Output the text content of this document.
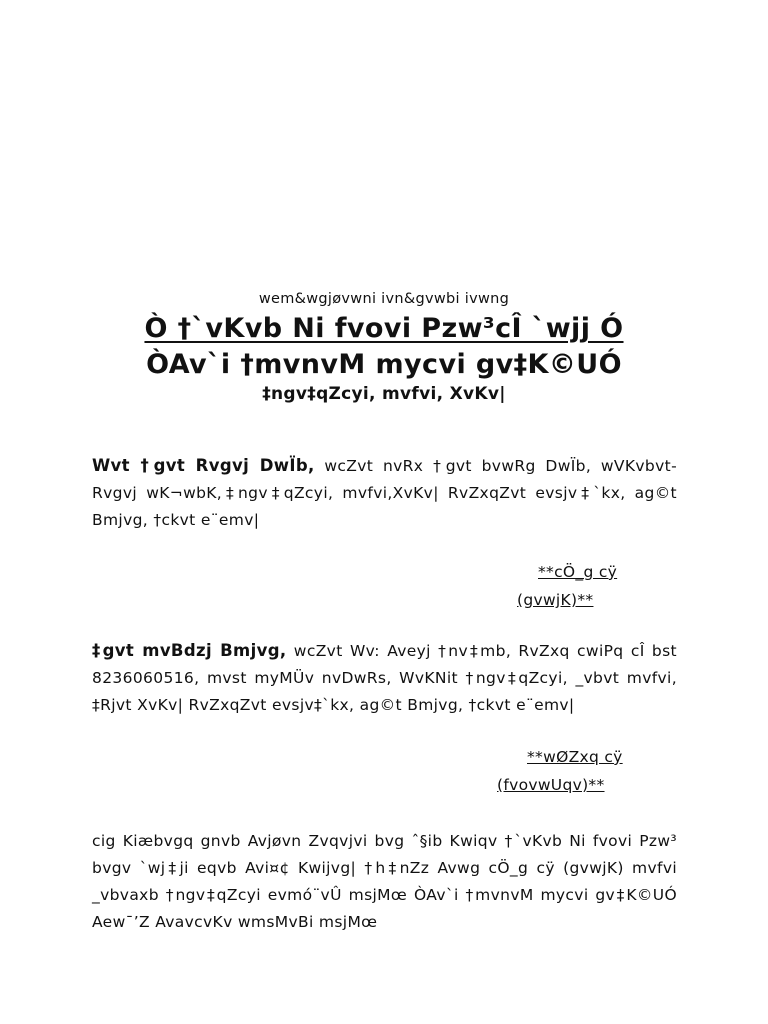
wem&wgjøvwni ivn&gvwbi ivwng
Ò †`vKvb Ni fvovi Pzw³cÎ `wjj Ó
ÒAv`i †mvnvM mycvi gv‡K©UÓ
‡ngv‡qZcyi, mvfvi, XvKv|
Wvt †gvt Rvgvj DwÏb, wcZvt nvRx †gvt bvwRg DwÏb, wVKvbvt- Rvgvj wK¬wbK,‡ngv‡qZcyi, mvfvi,XvKv| RvZxqZvt evsjv‡`kx, ag©t Bmjvg, †ckvt e¨emv|
**cÖ_g cÿ
(gvwjK)**
‡gvt mvBdzj Bmjvg, wcZvt Wv: Aveyj †nv‡mb, RvZxq cwiPq cÎ bst 8236060516, mvst myMÜv nvDwRs, WvKNit †ngv‡qZcyi, _vbvt mvfvi, ‡Rjvt XvKv| RvZxqZvt evsjv‡`kx, ag©t Bmjvg, †ckvt e¨emv|
**wØZxq cÿ
(fvovwUqv)**
cig Kiæbvgq gnvb Avjøvn Zvqvjvi bvg ˆ§ib Kwiqv †`vKvb Ni fvovi Pzw³ bvgv `wj‡ji eqvb Avi¤¢ Kwijvg| †h‡nZz Avwg cÖ_g cÿ (gvwjK) mvfvi _vbvaxb †ngv‡qZcyi evmó¨vÛ msjMœ ÒAv`i †mvnvM mycvi gv‡K©UÓ Aew¯’Z AvavcvKv wmsMvBi msjMœ
